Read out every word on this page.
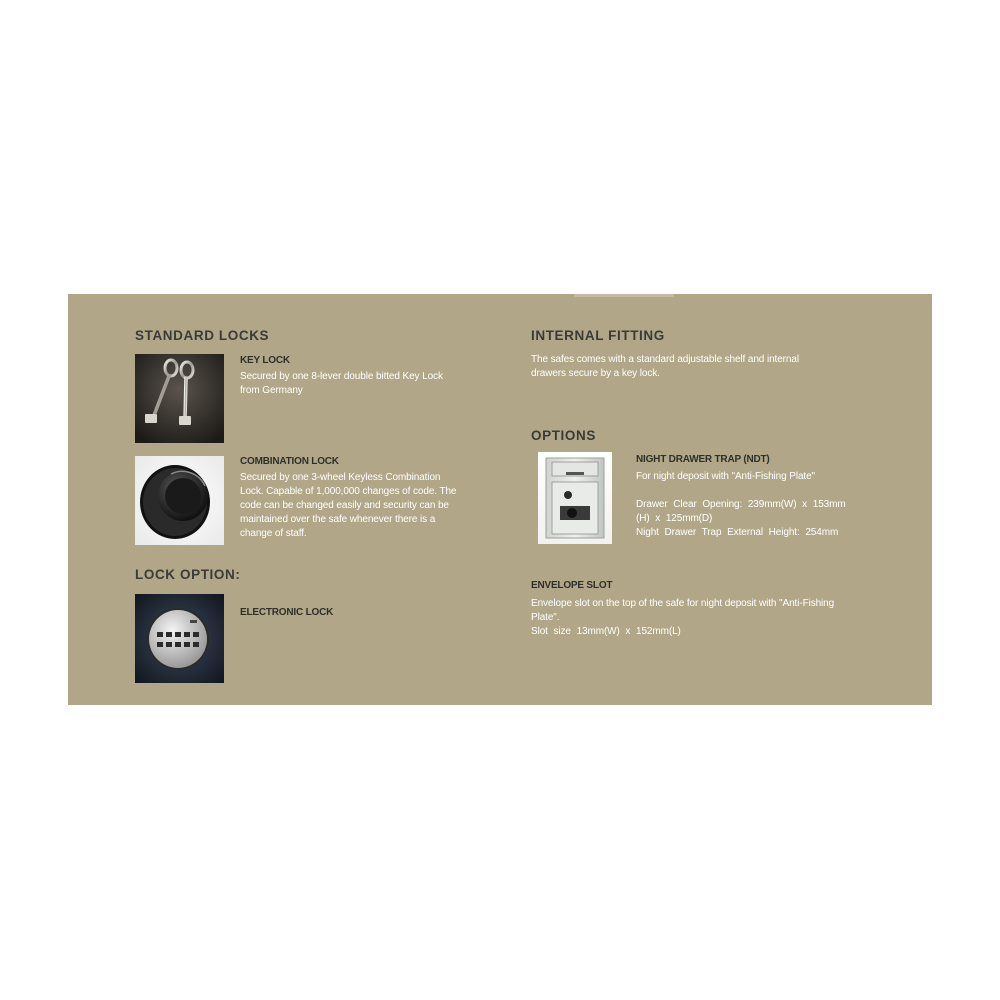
STANDARD LOCKS
KEY LOCK
Secured by one 8-lever double bitted Key Lock from Germany
COMBINATION LOCK
Secured by one 3-wheel Keyless Combination Lock. Capable of 1,000,000 changes of code. The code can be changed easily and security can be maintained over the safe whenever there is a change of staff.
LOCK OPTION:
ELECTRONIC LOCK
INTERNAL FITTING
The safes comes with a standard adjustable shelf and internal drawers secure by a key lock.
OPTIONS
NIGHT DRAWER TRAP (NDT)

For night deposit with "Anti-Fishing Plate"

Drawer Clear Opening: 239mm(W) x 153mm (H) x 125mm(D)

Night Drawer Trap External Height: 254mm

ENVELOPE SLOT

Envelope slot on the top of the safe for night deposit with "Anti-Fishing Plate".

Slot size 13mm(W) x 152mm(L)
